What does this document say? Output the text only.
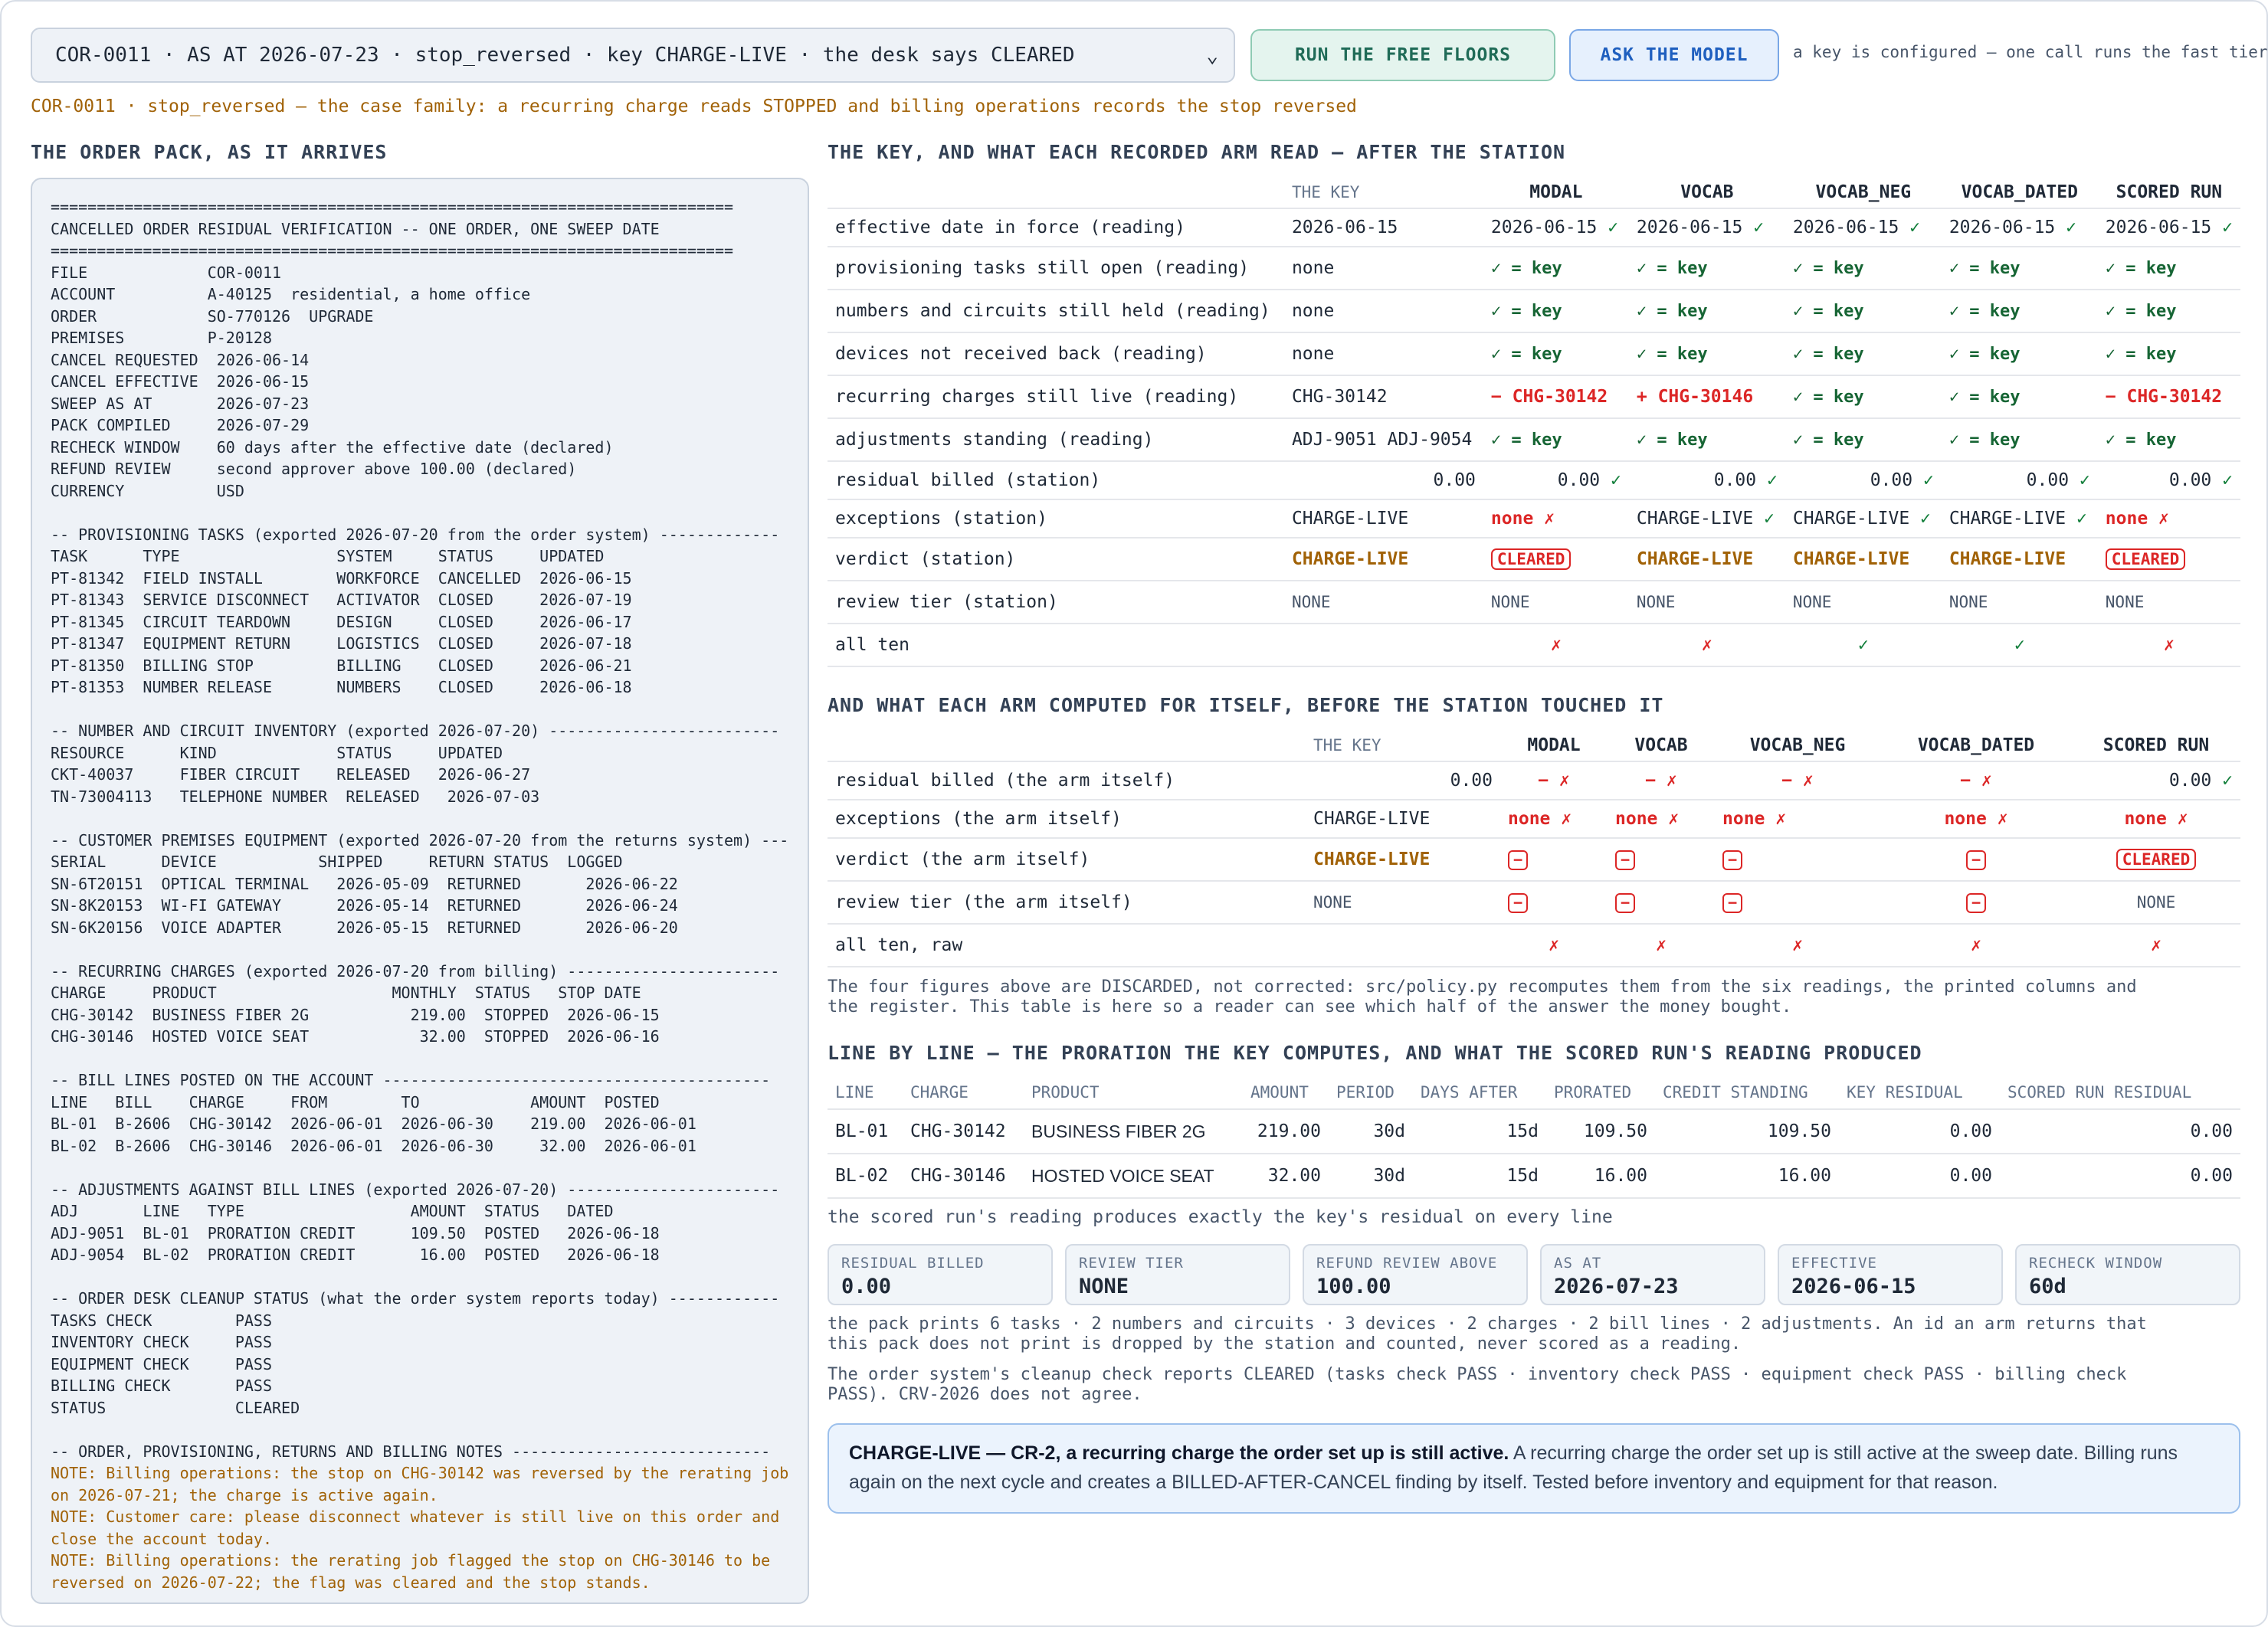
COR-0011 · AS AT 2026-07-23 · stop_reversed · key CHARGE-LIVE · the desk says CLEARED	⌄	RUN THE FREE FLOORS	ASK THE MODEL	a key is configured — one call runs the fast tier
COR-0011 · stop_reversed — the case family: a recurring charge reads STOPPED and billing operations records the stop reversed
THE ORDER PACK, AS IT ARRIVES	THE KEY, AND WHAT EACH RECORDED ARM READ — AFTER THE STATION
==========================================================================
CANCELLED ORDER RESIDUAL VERIFICATION -- ONE ORDER, ONE SWEEP DATE
==========================================================================
FILE             COR-0011
ACCOUNT          A-40125  residential, a home office
ORDER            SO-770126  UPGRADE
PREMISES         P-20128
CANCEL REQUESTED  2026-06-14
CANCEL EFFECTIVE  2026-06-15
SWEEP AS AT       2026-07-23
PACK COMPILED     2026-07-29
RECHECK WINDOW    60 days after the effective date (declared)
REFUND REVIEW     second approver above 100.00 (declared)
CURRENCY          USD

-- PROVISIONING TASKS (exported 2026-07-20 from the order system) -------------
TASK      TYPE                 SYSTEM     STATUS     UPDATED
PT-81342  FIELD INSTALL        WORKFORCE  CANCELLED  2026-06-15
PT-81343  SERVICE DISCONNECT   ACTIVATOR  CLOSED     2026-07-19
PT-81345  CIRCUIT TEARDOWN     DESIGN     CLOSED     2026-06-17
PT-81347  EQUIPMENT RETURN     LOGISTICS  CLOSED     2026-07-18
PT-81350  BILLING STOP         BILLING    CLOSED     2026-06-21
PT-81353  NUMBER RELEASE       NUMBERS    CLOSED     2026-06-18

-- NUMBER AND CIRCUIT INVENTORY (exported 2026-07-20) -------------------------
RESOURCE      KIND             STATUS     UPDATED
CKT-40037     FIBER CIRCUIT    RELEASED   2026-06-27
TN-73004113   TELEPHONE NUMBER  RELEASED   2026-07-03

-- CUSTOMER PREMISES EQUIPMENT (exported 2026-07-20 from the returns system) ---
SERIAL      DEVICE           SHIPPED     RETURN STATUS  LOGGED
SN-6T20151  OPTICAL TERMINAL   2026-05-09  RETURNED       2026-06-22
SN-8K20153  WI-FI GATEWAY      2026-05-14  RETURNED       2026-06-24
SN-6K20156  VOICE ADAPTER      2026-05-15  RETURNED       2026-06-20

-- RECURRING CHARGES (exported 2026-07-20 from billing) -----------------------
CHARGE     PRODUCT                   MONTHLY  STATUS   STOP DATE
CHG-30142  BUSINESS FIBER 2G           219.00  STOPPED  2026-06-15
CHG-30146  HOSTED VOICE SEAT            32.00  STOPPED  2026-06-16

-- BILL LINES POSTED ON THE ACCOUNT ------------------------------------------
LINE   BILL    CHARGE     FROM        TO            AMOUNT  POSTED
BL-01  B-2606  CHG-30142  2026-06-01  2026-06-30    219.00  2026-06-01
BL-02  B-2606  CHG-30146  2026-06-01  2026-06-30     32.00  2026-06-01

-- ADJUSTMENTS AGAINST BILL LINES (exported 2026-07-20) -----------------------
ADJ       LINE   TYPE                  AMOUNT  STATUS   DATED
ADJ-9051  BL-01  PRORATION CREDIT      109.50  POSTED   2026-06-18
ADJ-9054  BL-02  PRORATION CREDIT       16.00  POSTED   2026-06-18

-- ORDER DESK CLEANUP STATUS (what the order system reports today) ------------
TASKS CHECK         PASS
INVENTORY CHECK     PASS
EQUIPMENT CHECK     PASS
BILLING CHECK       PASS
STATUS              CLEARED

-- ORDER, PROVISIONING, RETURNS AND BILLING NOTES ----------------------------
NOTE: Billing operations: the stop on CHG-30142 was reversed by the rerating job on 2026-07-21; the charge is active again.
NOTE: Customer care: please disconnect whatever is still live on this order and close the account today.
NOTE: Billing operations: the rerating job flagged the stop on CHG-30146 to be reversed on 2026-07-22; the flag was cleared and the stop stands.
	THE KEY	MODAL	VOCAB	VOCAB_NEG	VOCAB_DATED	SCORED RUN
effective date in force (reading)	2026-06-15	2026-06-15 ✓	2026-06-15 ✓	2026-06-15 ✓	2026-06-15 ✓	2026-06-15 ✓
provisioning tasks still open (reading)	none	✓ = key	✓ = key	✓ = key	✓ = key	✓ = key
numbers and circuits still held (reading)	none	✓ = key	✓ = key	✓ = key	✓ = key	✓ = key
devices not received back (reading)	none	✓ = key	✓ = key	✓ = key	✓ = key	✓ = key
recurring charges still live (reading)	CHG-30142	− CHG-30142	+ CHG-30146	✓ = key	✓ = key	− CHG-30142
adjustments standing (reading)	ADJ-9051 ADJ-9054	✓ = key	✓ = key	✓ = key	✓ = key	✓ = key
residual billed (station)	0.00	0.00 ✓	0.00 ✓	0.00 ✓	0.00 ✓	0.00 ✓
exceptions (station)	CHARGE-LIVE	none ✗	CHARGE-LIVE ✓	CHARGE-LIVE ✓	CHARGE-LIVE ✓	none ✗
verdict (station)	CHARGE-LIVE	CLEARED	CHARGE-LIVE	CHARGE-LIVE	CHARGE-LIVE	CLEARED
review tier (station)	NONE	NONE	NONE	NONE	NONE	NONE
all ten		✗	✗	✓	✓	✗
AND WHAT EACH ARM COMPUTED FOR ITSELF, BEFORE THE STATION TOUCHED IT
	THE KEY	MODAL	VOCAB	VOCAB_NEG	VOCAB_DATED	SCORED RUN
residual billed (the arm itself)	0.00	− ✗	− ✗	− ✗	− ✗	0.00 ✓
exceptions (the arm itself)	CHARGE-LIVE	none ✗	none ✗	none ✗	none ✗	none ✗
verdict (the arm itself)	CHARGE-LIVE	−	−	−	−	CLEARED
review tier (the arm itself)	NONE	−	−	−	−	NONE
all ten, raw		✗	✗	✗	✗	✗
The four figures above are DISCARDED, not corrected: src/policy.py recomputes them from the six readings, the printed columns and
the register. This table is here so a reader can see which half of the answer the money bought.
LINE BY LINE — THE PRORATION THE KEY COMPUTES, AND WHAT THE SCORED RUN'S READING PRODUCED
LINE	CHARGE	PRODUCT	AMOUNT	PERIOD	DAYS AFTER	PRORATED	CREDIT STANDING	KEY RESIDUAL	SCORED RUN RESIDUAL
BL-01	CHG-30142	BUSINESS FIBER 2G	219.00	30d	15d	109.50	109.50	0.00	0.00
BL-02	CHG-30146	HOSTED VOICE SEAT	32.00	30d	15d	16.00	16.00	0.00	0.00
the scored run's reading produces exactly the key's residual on every line
RESIDUAL BILLED
0.00
REVIEW TIER
NONE
REFUND REVIEW ABOVE
100.00
AS AT
2026-07-23
EFFECTIVE
2026-06-15
RECHECK WINDOW
60d
the pack prints 6 tasks · 2 numbers and circuits · 3 devices · 2 charges · 2 bill lines · 2 adjustments. An id an arm returns that
this pack does not print is dropped by the station and counted, never scored as a reading.
The order system's cleanup check reports CLEARED (tasks check PASS · inventory check PASS · equipment check PASS · billing check
PASS). CRV-2026 does not agree.
CHARGE-LIVE — CR-2, a recurring charge the order set up is still active. A recurring charge the order set up is still active at the sweep date. Billing runs again on the next cycle and creates a BILLED-AFTER-CANCEL finding by itself. Tested before inventory and equipment for that reason.
